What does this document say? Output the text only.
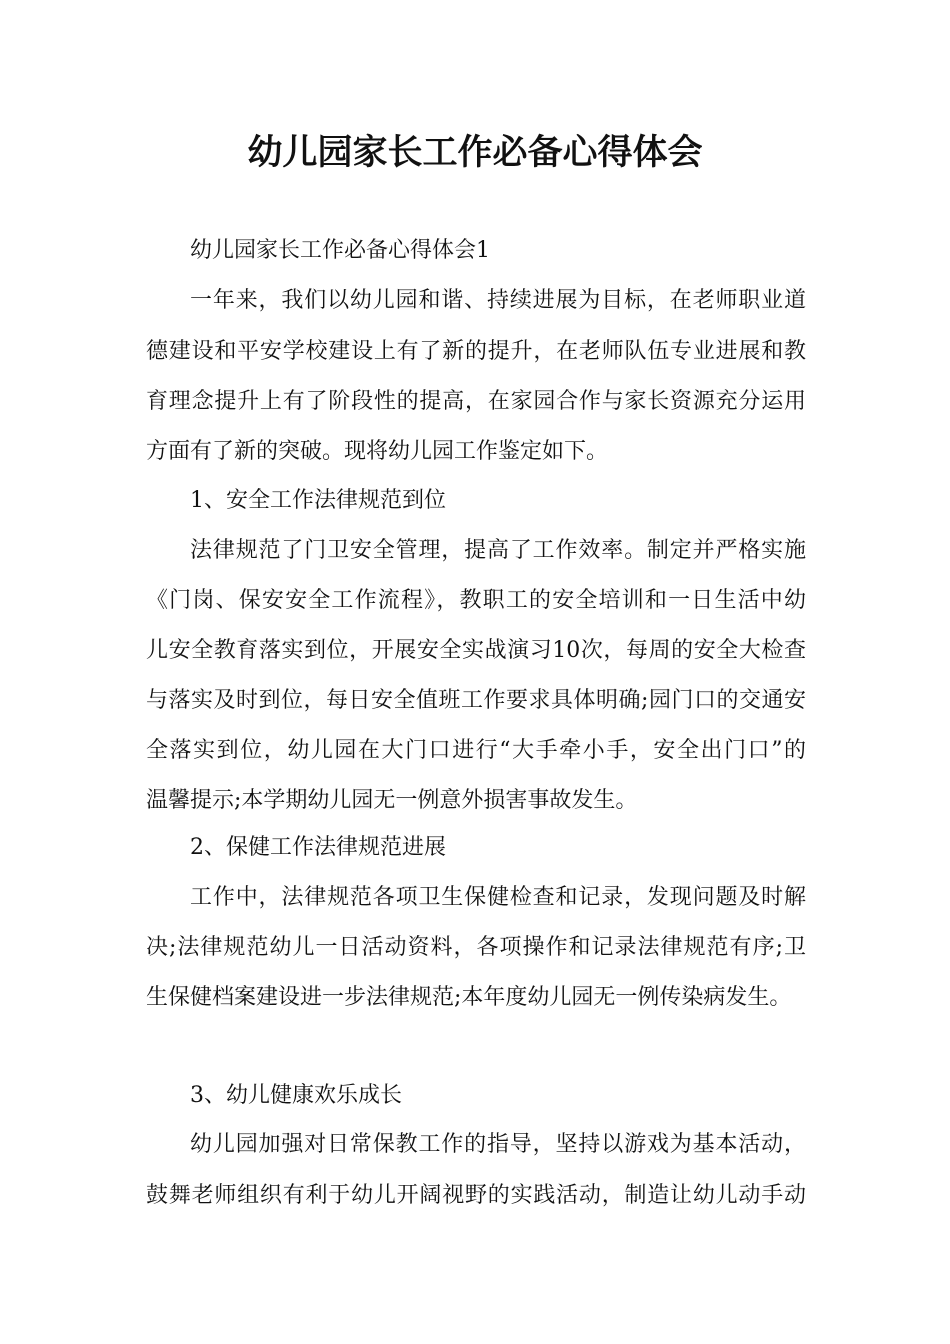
幼儿园家长工作必备心得体会
幼儿园家长工作必备心得体会1
一年来，我们以幼儿园和谐、持续进展为目标，在老师职业道
德建设和平安学校建设上有了新的提升，在老师队伍专业进展和教
育理念提升上有了阶段性的提高，在家园合作与家长资源充分运用
方面有了新的突破。现将幼儿园工作鉴定如下。
1、安全工作法律规范到位
法律规范了门卫安全管理，提高了工作效率。制定并严格实施
《门岗、保安安全工作流程》，教职工的安全培训和一日生活中幼
儿安全教育落实到位，开展安全实战演习10次，每周的安全大检查
与落实及时到位，每日安全值班工作要求具体明确;园门口的交通安
全落实到位，幼儿园在大门口进行“大手牵小手，安全出门口”的
温馨提示;本学期幼儿园无一例意外损害事故发生。
2、保健工作法律规范进展
工作中，法律规范各项卫生保健检查和记录，发现问题及时解
决;法律规范幼儿一日活动资料，各项操作和记录法律规范有序;卫
生保健档案建设进一步法律规范;本年度幼儿园无一例传染病发生。
3、幼儿健康欢乐成长
幼儿园加强对日常保教工作的指导，坚持以游戏为基本活动，
鼓舞老师组织有利于幼儿开阔视野的实践活动，制造让幼儿动手动
